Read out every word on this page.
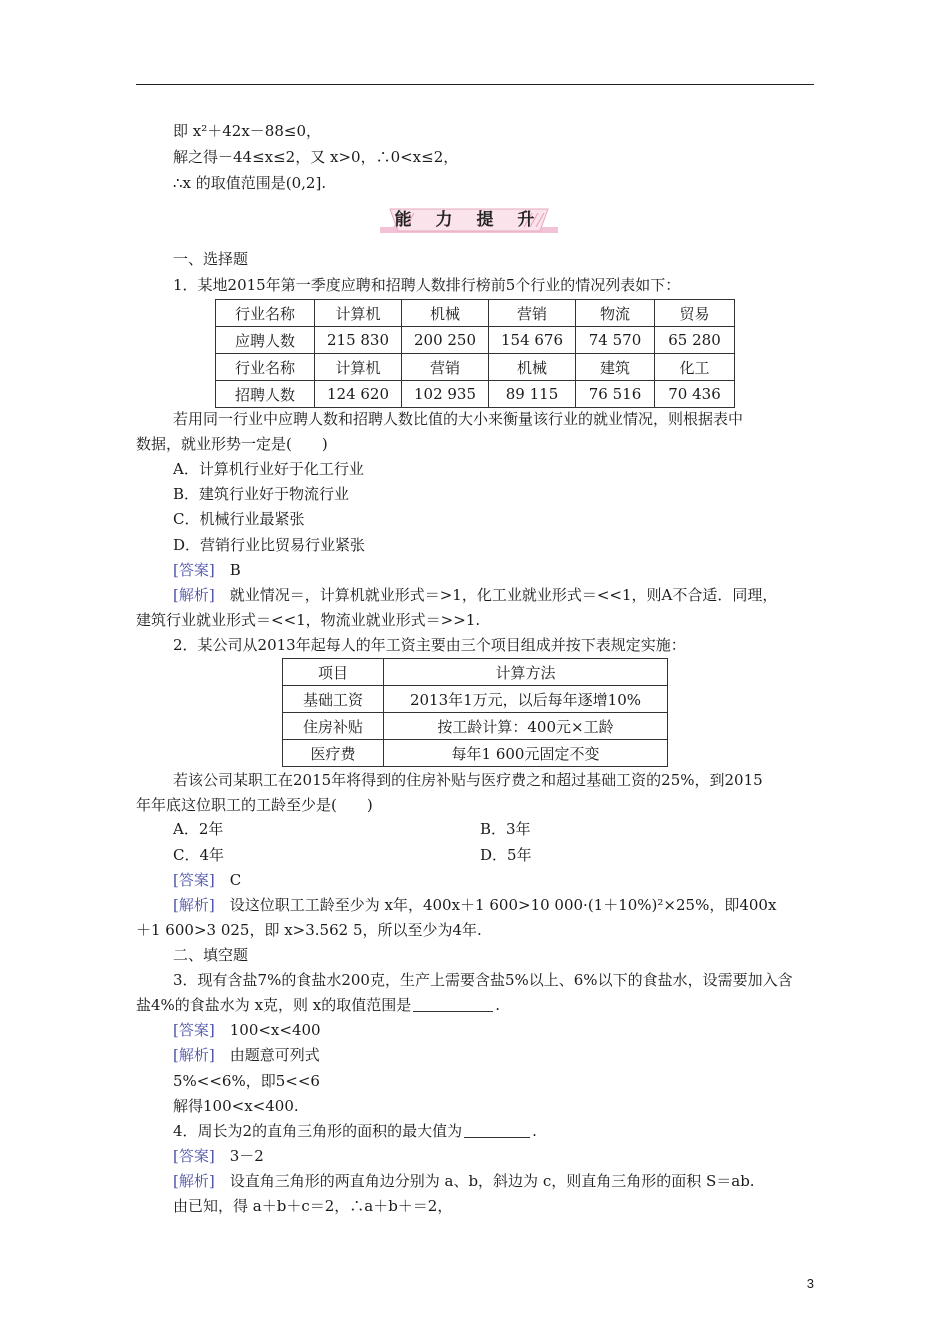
即 x²＋42x－88≤0，
解之得－44≤x≤2，又 x>0，∴0<x≤2，
∴x 的取值范围是(0,2].
能 力 提 升
一、选择题
1．某地2015年第一季度应聘和招聘人数排行榜前5个行业的情况列表如下：
行业名称	计算机	机械	营销	物流	贸易
应聘人数	215 830	200 250	154 676	74 570	65 280
行业名称	计算机	营销	机械	建筑	化工
招聘人数	124 620	102 935	89 115	76 516	70 436
若用同一行业中应聘人数和招聘人数比值的大小来衡量该行业的就业情况，则根据表中
数据，就业形势一定是(　　)
A．计算机行业好于化工行业
B．建筑行业好于物流行业
C．机械行业最紧张
D．营销行业比贸易行业紧张
[答案]　 B
[解析]　 就业情况＝，计算机就业形式＝>1，化工业就业形式＝<<1，则A不合适．同理，
建筑行业就业形式＝<<1，物流业就业形式＝>>1.
2．某公司从2013年起每人的年工资主要由三个项目组成并按下表规定实施：
项目	计算方法
基础工资	2013年1万元，以后每年逐增10%
住房补贴	按工龄计算：400元×工龄
医疗费	每年1 600元固定不变
若该公司某职工在2015年将得到的住房补贴与医疗费之和超过基础工资的25%，到2015
年年底这位职工的工龄至少是(　　)
A．2年	B．3年
C．4年	D．5年
[答案]　 C
[解析]　 设这位职工工龄至少为 x年，400x＋1 600>10 000·(1＋10%)²×25%，即400x
＋1 600>3 025，即 x>3.562 5，所以至少为4年.
二、填空题
3．现有含盐7%的食盐水200克，生产上需要含盐5%以上、6%以下的食盐水，设需要加入含
盐4%的食盐水为 x克，则 x的取值范围是	.
[答案]　 100<x<400
[解析]　 由题意可列式
5%<<6%，即5<<6
解得100<x<400.
4．周长为2的直角三角形的面积的最大值为	.
[答案]　 3－2
[解析]　 设直角三角形的两直角边分别为 a、b，斜边为 c，则直角三角形的面积 S＝ab.
由已知，得 a＋b＋c＝2，∴a＋b＋＝2，
3
